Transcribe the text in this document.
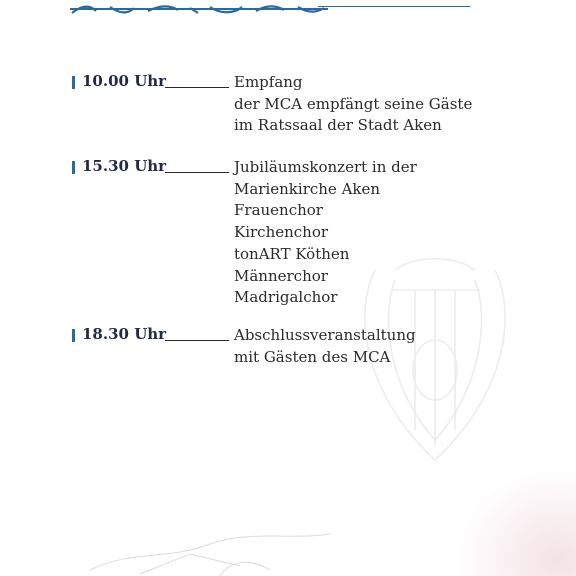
10.00 Uhr	Empfang
der MCA empfängt seine Gäste
im Ratssaal der Stadt Aken
15.30 Uhr	Jubiläumskonzert in der
Marienkirche Aken
Frauenchor
Kirchenchor
tonART Köthen
Männerchor
Madrigalchor
18.30 Uhr	Abschlussveranstaltung
mit Gästen des MCA
